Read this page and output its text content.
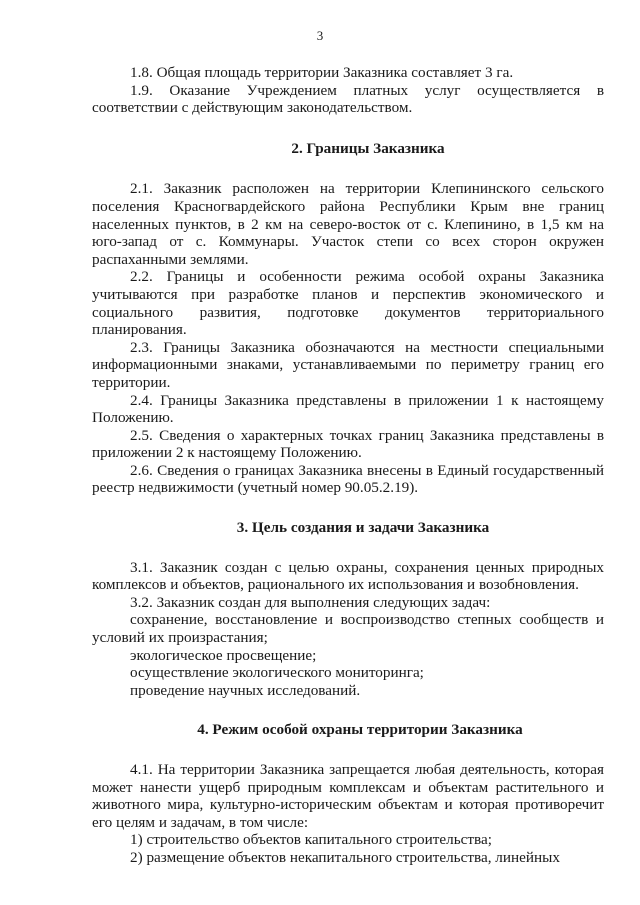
3

1.8. Общая площадь территории Заказника составляет 3 га.

1.9. Оказание Учреждением платных услуг осуществляется в соответствии с действующим законодательством.

2. Границы Заказника

2.1. Заказник расположен на территории Клепининского сельского поселения Красногвардейского района Республики Крым вне границ населенных пунктов, в 2 км на северо-восток от с. Клепинино, в 1,5 км на юго-запад от с. Коммунары. Участок степи со всех сторон окружен распаханными землями.

2.2. Границы и особенности режима особой охраны Заказника учитываются при разработке планов и перспектив экономического и социального развития, подготовке документов территориального планирования.

2.3. Границы Заказника обозначаются на местности специальными информационными знаками, устанавливаемыми по периметру границ его территории.

2.4. Границы Заказника представлены в приложении 1 к настоящему Положению.

2.5. Сведения о характерных точках границ Заказника представлены в приложении 2 к настоящему Положению.

2.6. Сведения о границах Заказника внесены в Единый государственный реестр недвижимости (учетный номер 90.05.2.19).

3. Цель создания и задачи Заказника

3.1. Заказник создан с целью охраны, сохранения ценных природных комплексов и объектов, рационального их использования и возобновления.

3.2. Заказник создан для выполнения следующих задач:

сохранение, восстановление и воспроизводство степных сообществ и условий их произрастания;

экологическое просвещение;

осуществление экологического мониторинга;

проведение научных исследований.

4. Режим особой охраны территории Заказника

4.1. На территории Заказника запрещается любая деятельность, которая может нанести ущерб природным комплексам и объектам растительного и животного мира, культурно-историческим объектам и которая противоречит его целям и задачам, в том числе:

1) строительство объектов капитального строительства;

2) размещение объектов некапитального строительства, линейных
